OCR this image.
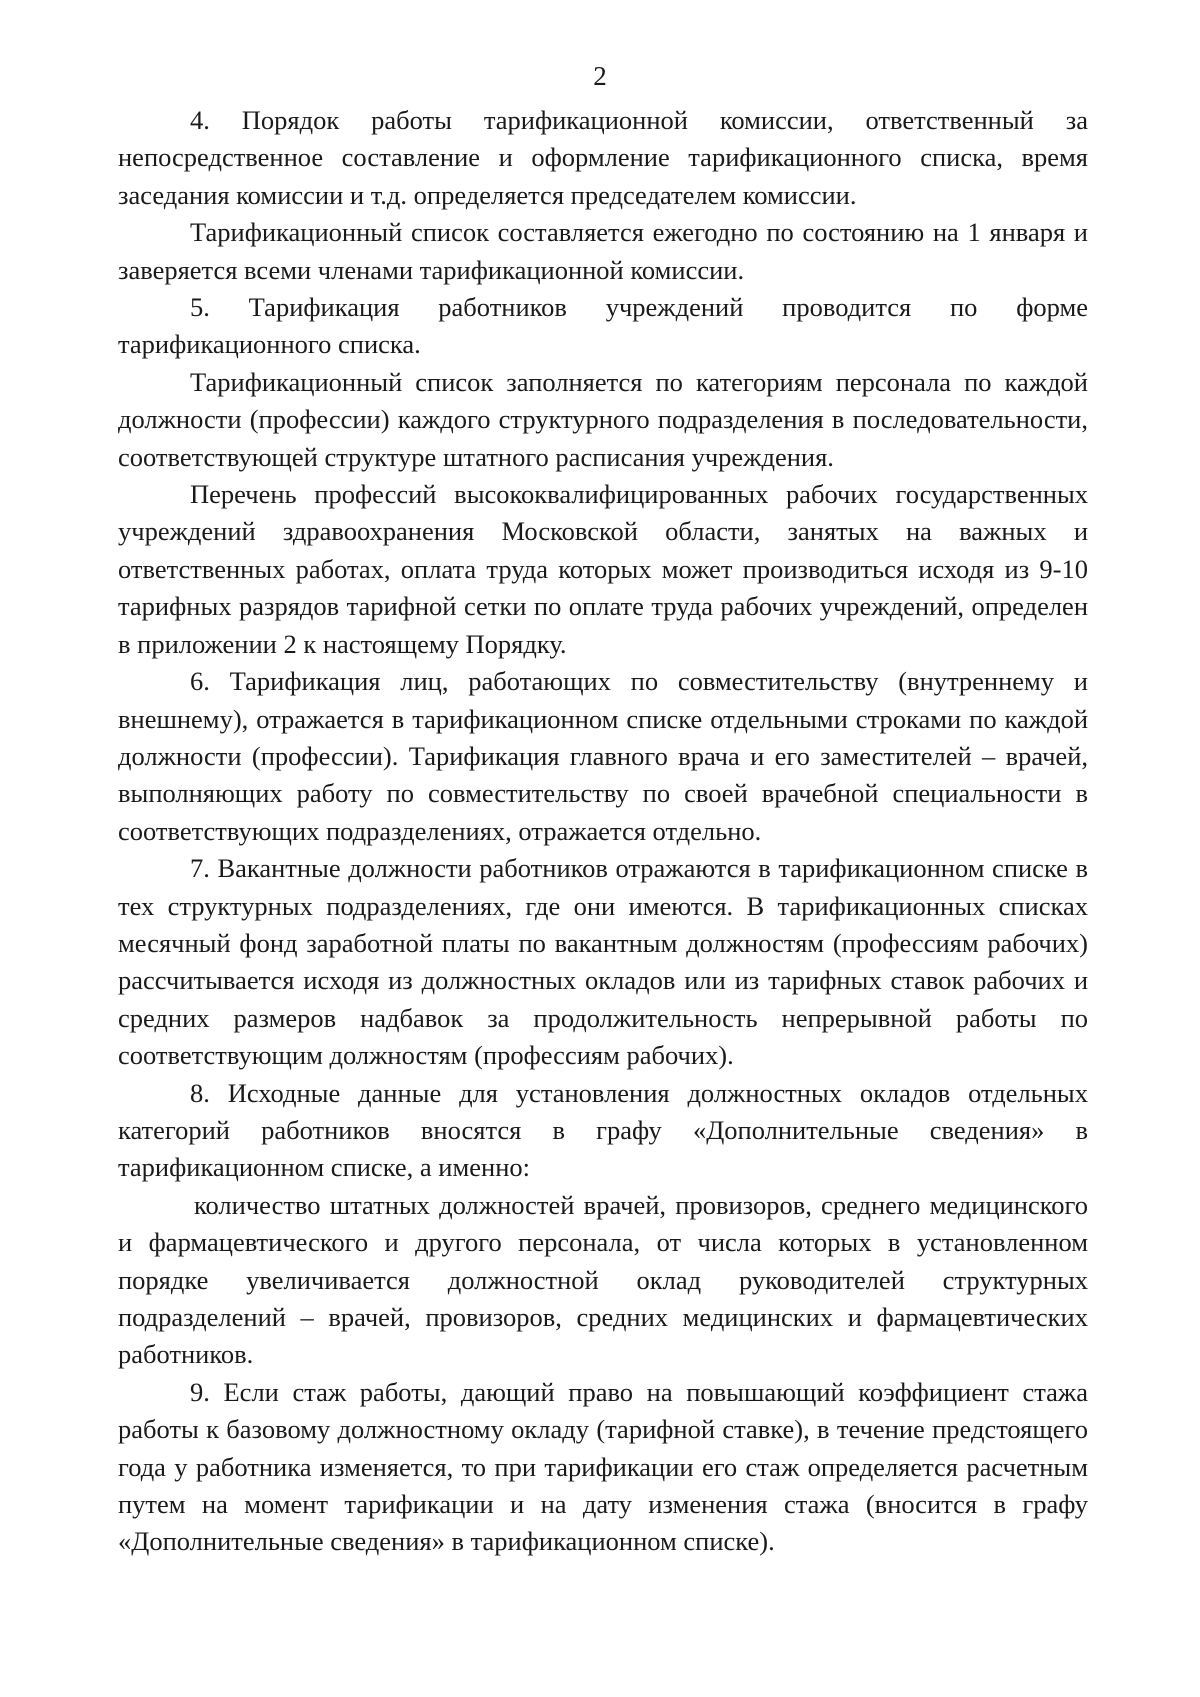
2

4. Порядок работы тарификационной комиссии, ответственный за непосредственное составление и оформление тарификационного списка, время заседания комиссии и т.д. определяется председателем комиссии.

Тарификационный список составляется ежегодно по состоянию на 1 января и заверяется всеми членами тарификационной комиссии.

5. Тарификация работников учреждений проводится по форме тарификационного списка.

Тарификационный список заполняется по категориям персонала по каждой должности (профессии) каждого структурного подразделения в последовательности, соответствующей структуре штатного расписания учреждения.

Перечень профессий высококвалифицированных рабочих государственных учреждений здравоохранения Московской области, занятых на важных и ответственных работах, оплата труда которых может производиться исходя из 9-10 тарифных разрядов тарифной сетки по оплате труда рабочих учреждений, определен в приложении 2 к настоящему Порядку.

6. Тарификация лиц, работающих по совместительству (внутреннему и внешнему), отражается в тарификационном списке отдельными строками по каждой должности (профессии). Тарификация главного врача и его заместителей – врачей, выполняющих работу по совместительству по своей врачебной специальности в соответствующих подразделениях, отражается отдельно.

7. Вакантные должности работников отражаются в тарификационном списке в тех структурных подразделениях, где они имеются. В тарификационных списках месячный фонд заработной платы по вакантным должностям (профессиям рабочих) рассчитывается исходя из должностных окладов или из тарифных ставок рабочих и средних размеров надбавок за продолжительность непрерывной работы по соответствующим должностям (профессиям рабочих).

8. Исходные данные для установления должностных окладов отдельных категорий работников вносятся в графу «Дополнительные сведения» в тарификационном списке, а именно:

количество штатных должностей врачей, провизоров, среднего медицинского и фармацевтического и другого персонала, от числа которых в установленном порядке увеличивается должностной оклад руководителей структурных подразделений – врачей, провизоров, средних медицинских и фармацевтических работников.

9. Если стаж работы, дающий право на повышающий коэффициент стажа работы к базовому должностному окладу (тарифной ставке), в течение предстоящего года у работника изменяется, то при тарификации его стаж определяется расчетным путем на момент тарификации и на дату изменения стажа (вносится в графу «Дополнительные сведения» в тарификационном списке).
